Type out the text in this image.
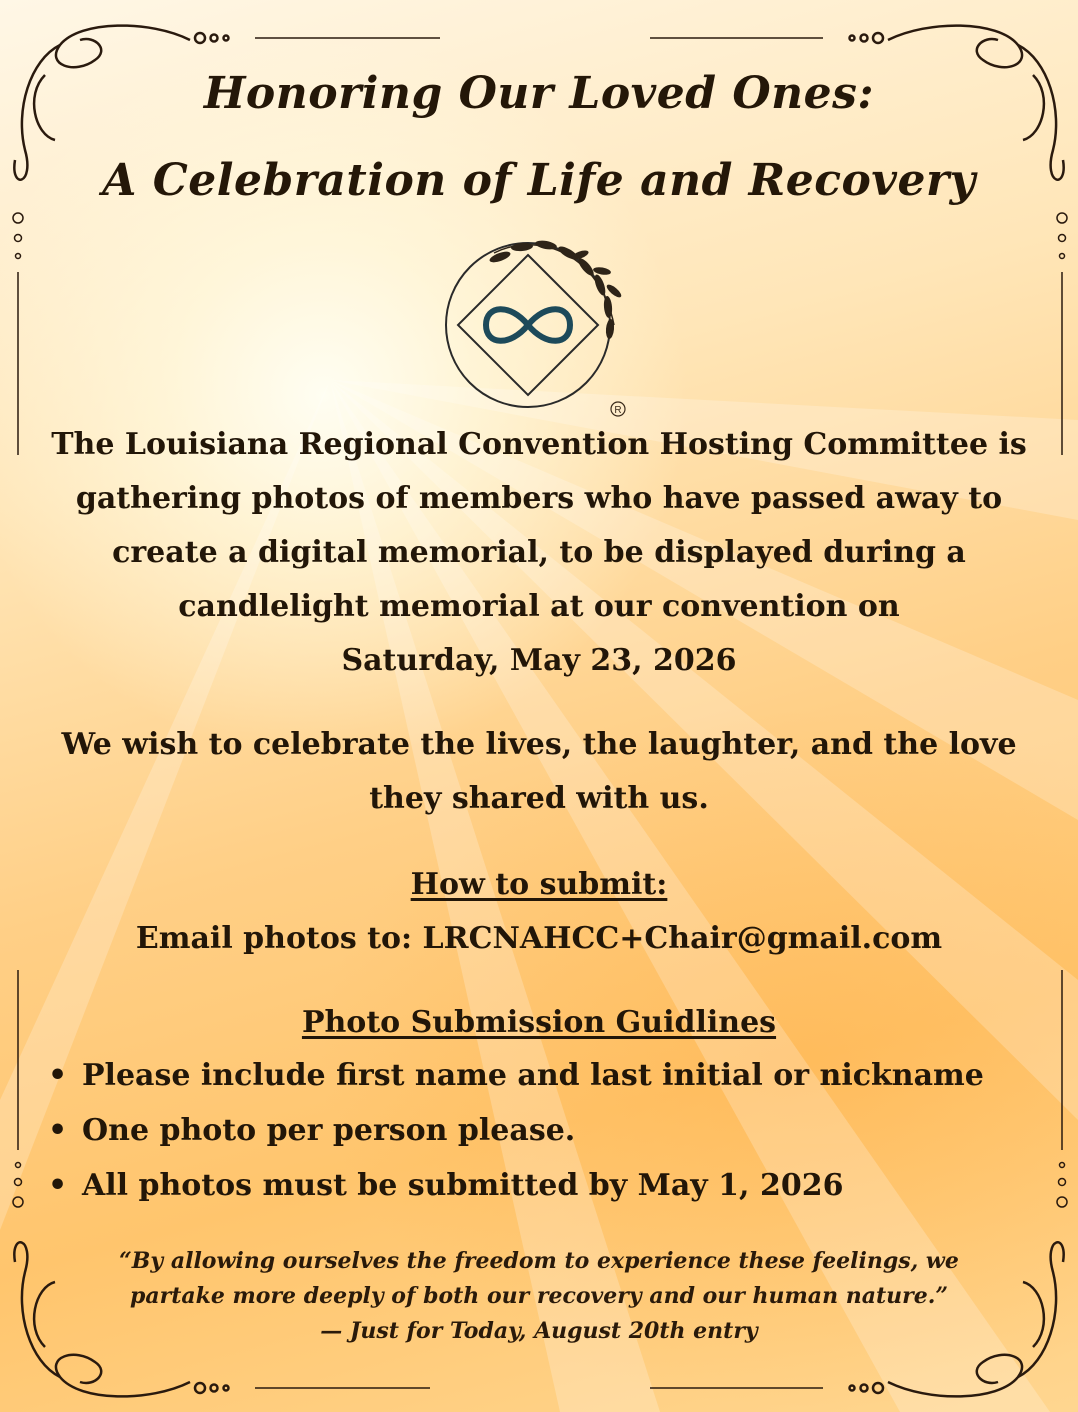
Honoring Our Loved Ones:
A Celebration of Life and Recovery
R
The Louisiana Regional Convention Hosting Committee is
gathering photos of members who have passed away to
create a digital memorial, to be displayed during a
candlelight memorial at our convention on
Saturday, May 23, 2026
We wish to celebrate the lives, the laughter, and the love
they shared with us.
How to submit:
Email photos to: LRCNAHCC+Chair@gmail.com
Photo Submission Guidlines
• Please include first name and last initial or nickname
• One photo per person please.
• All photos must be submitted by May 1, 2026
“By allowing ourselves the freedom to experience these feelings, we
partake more deeply of both our recovery and our human nature.”
— Just for Today, August 20th entry
